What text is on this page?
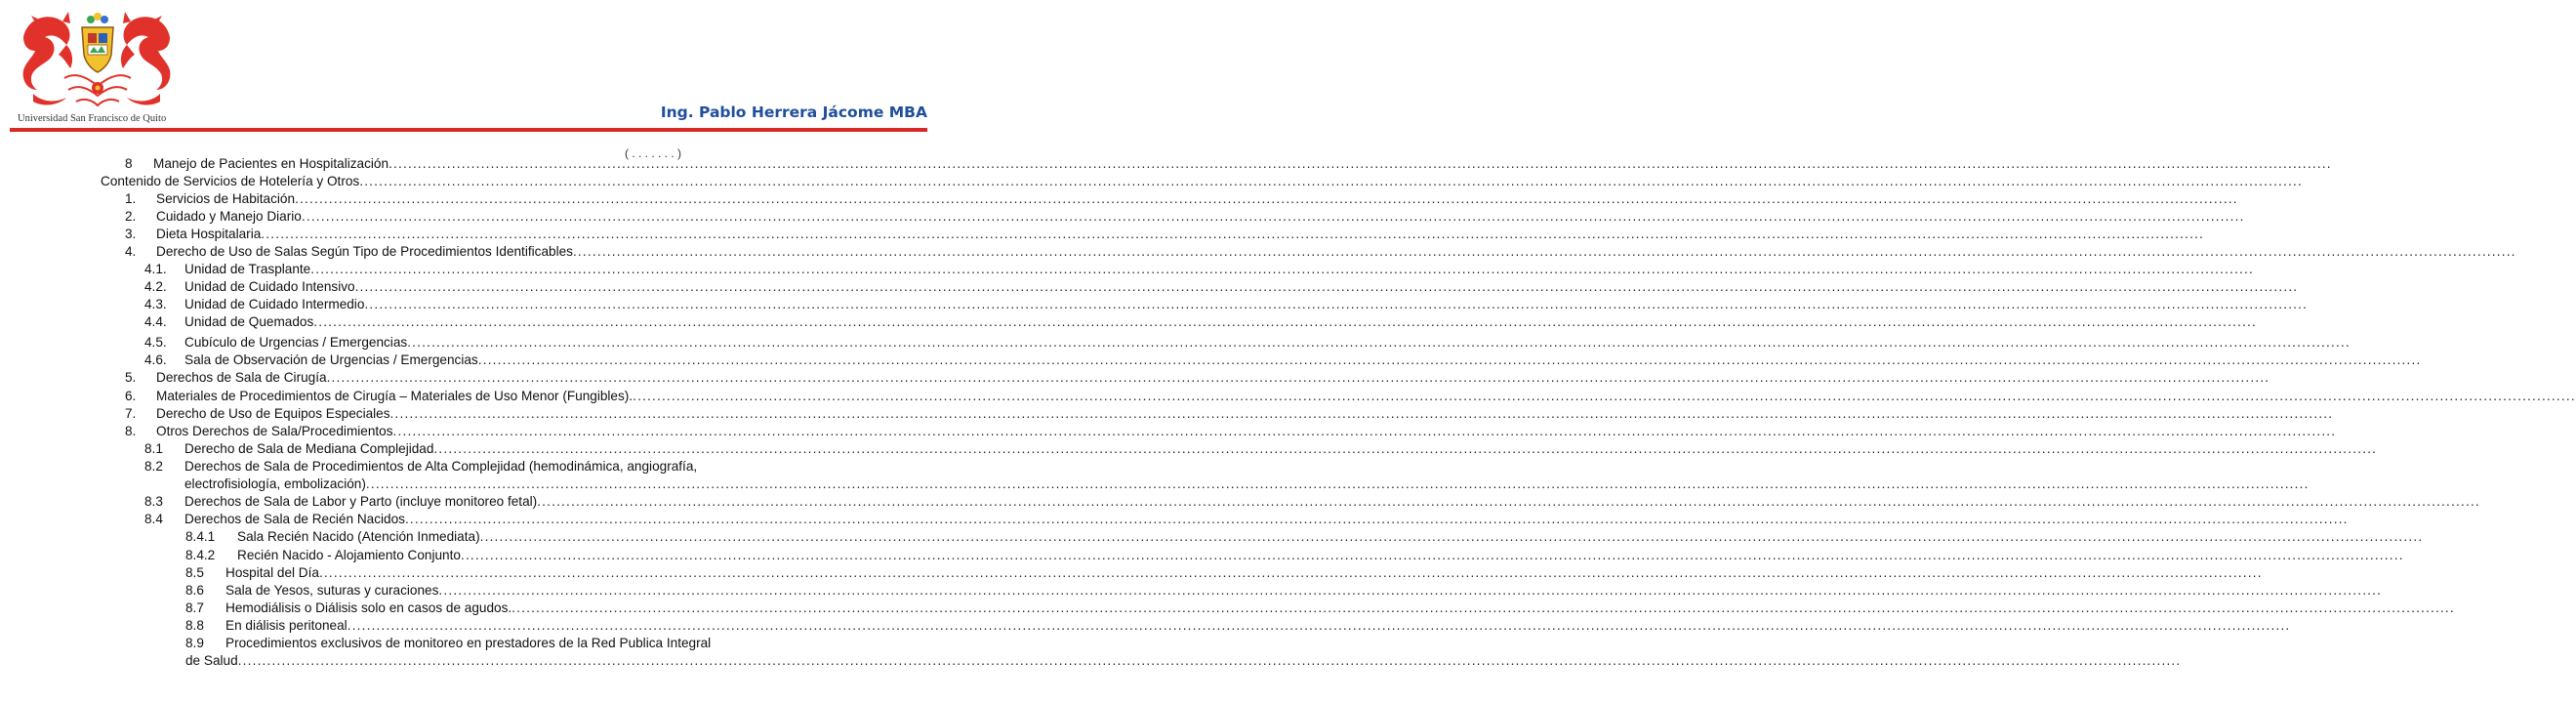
Universidad San Francisco de Quito	Ing. Pablo Herrera Jácome MBA
( . . . . . . . )
8 Manejo de Pacientes en Hospitalización ................................................................................................................................................................................................................................................................................................................................................................................................................
Contenido de Servicios de Hotelería y Otros ................................................................................................................................................................................................................................................................................................................................................................................................................
1. Servicios de Habitación ................................................................................................................................................................................................................................................................................................................................................................................................................
2. Cuidado y Manejo Diario ................................................................................................................................................................................................................................................................................................................................................................................................................
3. Dieta Hospitalaria ................................................................................................................................................................................................................................................................................................................................................................................................................
4. Derecho de Uso de Salas Según Tipo de Procedimientos Identificables ................................................................................................................................................................................................................................................................................................................................................................................................................
4.1. Unidad de Trasplante ................................................................................................................................................................................................................................................................................................................................................................................................................
4.2. Unidad de Cuidado Intensivo ................................................................................................................................................................................................................................................................................................................................................................................................................
4.3. Unidad de Cuidado Intermedio ................................................................................................................................................................................................................................................................................................................................................................................................................
4.4. Unidad de Quemados ................................................................................................................................................................................................................................................................................................................................................................................................................
4.5. Cubículo de Urgencias / Emergencias ................................................................................................................................................................................................................................................................................................................................................................................................................
4.6. Sala de Observación de Urgencias / Emergencias ................................................................................................................................................................................................................................................................................................................................................................................................................
5. Derechos de Sala de Cirugía ................................................................................................................................................................................................................................................................................................................................................................................................................
6. Materiales de Procedimientos de Cirugía – Materiales de Uso Menor (Fungibles). ................................................................................................................................................................................................................................................................................................................................................................................................................
7. Derecho de Uso de Equipos Especiales ................................................................................................................................................................................................................................................................................................................................................................................................................
8. Otros Derechos de Sala/Procedimientos ................................................................................................................................................................................................................................................................................................................................................................................................................
8.1 Derecho de Sala de Mediana Complejidad ................................................................................................................................................................................................................................................................................................................................................................................................................
8.2 Derechos de Sala de Procedimientos de Alta Complejidad (hemodinámica, angiografía,
electrofisiología, embolización) ................................................................................................................................................................................................................................................................................................................................................................................................................
8.3 Derechos de Sala de Labor y Parto (incluye monitoreo fetal) ................................................................................................................................................................................................................................................................................................................................................................................................................
8.4 Derechos de Sala de Recién Nacidos ................................................................................................................................................................................................................................................................................................................................................................................................................
8.4.1 Sala Recién Nacido (Atención Inmediata) ................................................................................................................................................................................................................................................................................................................................................................................................................
8.4.2 Recién Nacido - Alojamiento Conjunto ................................................................................................................................................................................................................................................................................................................................................................................................................
8.5 Hospital del Día ................................................................................................................................................................................................................................................................................................................................................................................................................
8.6 Sala de Yesos, suturas y curaciones ................................................................................................................................................................................................................................................................................................................................................................................................................
8.7 Hemodiálisis o Diálisis solo en casos de agudos. ................................................................................................................................................................................................................................................................................................................................................................................................................
8.8 En diálisis peritoneal ................................................................................................................................................................................................................................................................................................................................................................................................................
8.9 Procedimientos exclusivos de monitoreo en prestadores de la Red Publica Integral
de Salud ................................................................................................................................................................................................................................................................................................................................................................................................................
